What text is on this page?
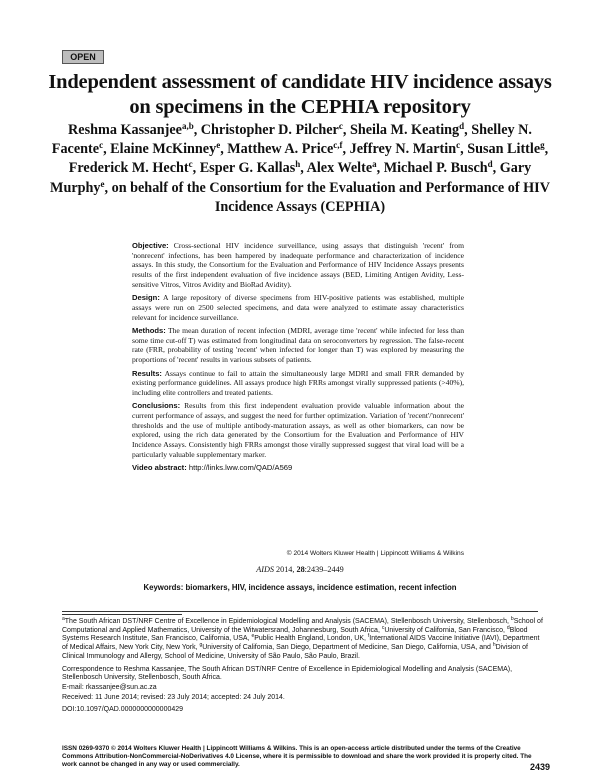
OPEN
Independent assessment of candidate HIV incidence assays on specimens in the CEPHIA repository
Reshma Kassanjee$^{a,b}$, Christopher D. Pilcher$^c$, Sheila M. Keating$^d$, Shelley N. Facente$^c$, Elaine McKinney$^e$, Matthew A. Price$^{c,f}$, Jeffrey N. Martin$^c$, Susan Little$^g$, Frederick M. Hecht$^c$, Esper G. Kallas$^h$, Alex Welte$^a$, Michael P. Busch$^d$, Gary Murphy$^e$, on behalf of the Consortium for the Evaluation and Performance of HIV Incidence Assays (CEPHIA)

Objective: Cross-sectional HIV incidence surveillance, using assays that distinguish 'recent' from 'nonrecent' infections, has been hampered by inadequate performance and characterization of incidence assays. In this study, the Consortium for the Evaluation and Performance of HIV Incidence Assays presents results of the first independent evaluation of five incidence assays (BED, Limiting Antigen Avidity, Less-sensitive Vitros, Vitros Avidity and BioRad Avidity).

Design: A large repository of diverse specimens from HIV-positive patients was established, multiple assays were run on 2500 selected specimens, and data were analyzed to estimate assay characteristics relevant for incidence surveillance.

Methods: The mean duration of recent infection (MDRI, average time 'recent' while infected for less than some time cut-off T) was estimated from longitudinal data on seroconverters by regression. The false-recent rate (FRR, probability of testing 'recent' when infected for longer than T) was explored by measuring the proportions of 'recent' results in various subsets of patients.

Results: Assays continue to fail to attain the simultaneously large MDRI and small FRR demanded by existing performance guidelines. All assays produce high FRRs amongst virally suppressed patients (>40%), including elite controllers and treated patients.

Conclusions: Results from this first independent evaluation provide valuable information about the current performance of assays, and suggest the need for further optimization. Variation of 'recent'/'nonrecent' thresholds and the use of multiple antibody-maturation assays, as well as other biomarkers, can now be explored, using the rich data generated by the Consortium for the Evaluation and Performance of HIV Incidence Assays. Consistently high FRRs amongst those virally suppressed suggest that viral load will be a particularly valuable supplementary marker.

Video abstract: http://links.lww.com/QAD/A569

© 2014 Wolters Kluwer Health | Lippincott Williams & Wilkins
AIDS 2014, 28:2439–2449
Keywords: biomarkers, HIV, incidence assays, incidence estimation, recent infection

$^a$The South African DST/NRF Centre of Excellence in Epidemiological Modelling and Analysis (SACEMA), Stellenbosch University, Stellenbosch, $^b$School of Computational and Applied Mathematics, University of the Witwatersrand, Johannesburg, South Africa, $^c$University of California, San Francisco, $^d$Blood Systems Research Institute, San Francisco, California, USA, $^e$Public Health England, London, UK, $^f$International AIDS Vaccine Initiative (IAVI), Department of Medical Affairs, New York City, New York, $^g$University of California, San Diego, Department of Medicine, San Diego, California, USA, and $^h$Division of Clinical Immunology and Allergy, School of Medicine, University of São Paulo, São Paulo, Brazil.

Correspondence to Reshma Kassanjee, The South African DST/NRF Centre of Excellence in Epidemiological Modelling and Analysis (SACEMA), Stellenbosch University, Stellenbosch, South Africa.

E-mail: rkassanjee@sun.ac.za

Received: 11 June 2014; revised: 23 July 2014; accepted: 24 July 2014.

DOI:10.1097/QAD.0000000000000429

ISSN 0269-9370 © 2014 Wolters Kluwer Health | Lippincott Williams & Wilkins. This is an open-access article distributed under the terms of the Creative Commons Attribution-NonCommercial-NoDerivatives 4.0 License, where it is permissible to download and share the work provided it is properly cited. The work cannot be changed in any way or used commercially.	2439
